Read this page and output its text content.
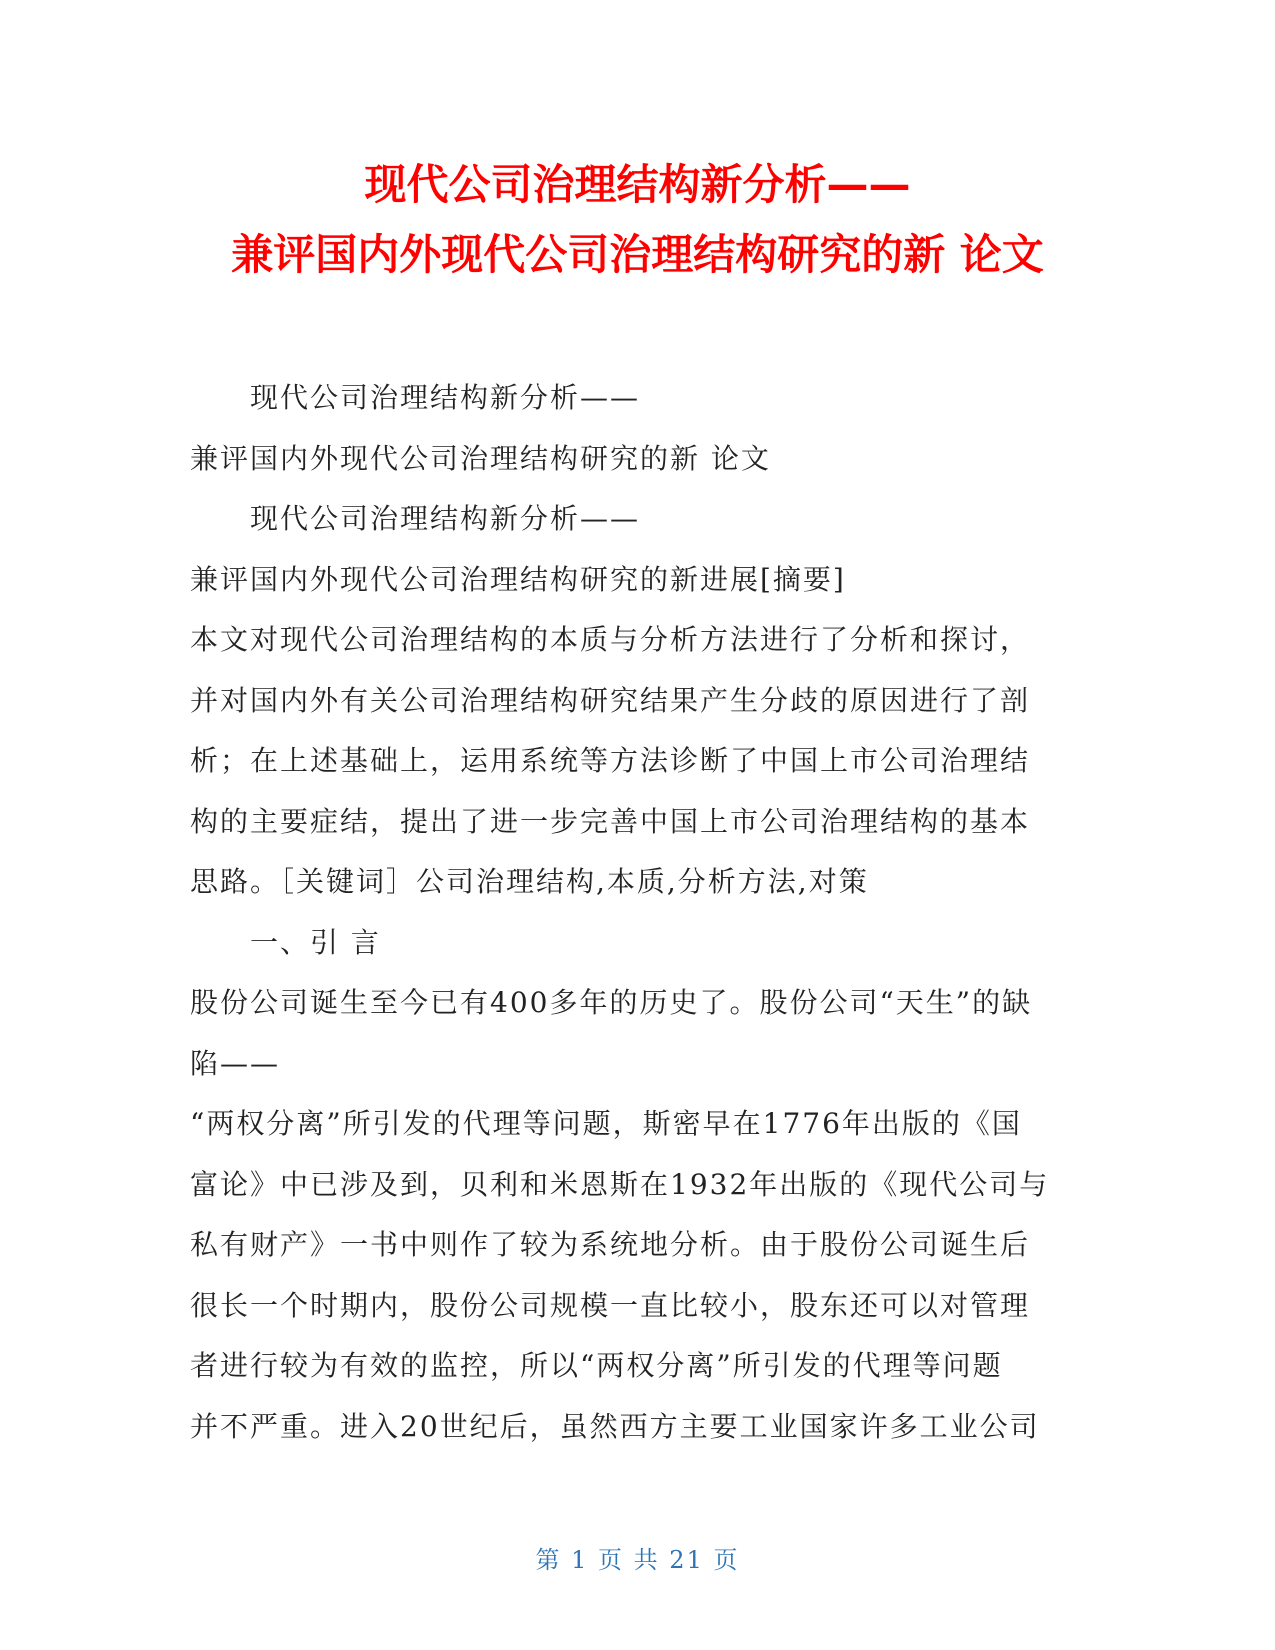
现代公司治理结构新分析——
兼评国内外现代公司治理结构研究的新 论文
现代公司治理结构新分析——
兼评国内外现代公司治理结构研究的新 论文
现代公司治理结构新分析——
兼评国内外现代公司治理结构研究的新进展[摘要]
本文对现代公司治理结构的本质与分析方法进行了分析和探讨，
并对国内外有关公司治理结构研究结果产生分歧的原因进行了剖
析；在上述基础上，运用系统等方法诊断了中国上市公司治理结
构的主要症结，提出了进一步完善中国上市公司治理结构的基本
思路。［关键词］公司治理结构,本质,分析方法,对策
一、引 言
股份公司诞生至今已有400多年的历史了。股份公司“天生”的缺
陷——
“两权分离”所引发的代理等问题，斯密早在1776年出版的《国
富论》中已涉及到，贝利和米恩斯在1932年出版的《现代公司与
私有财产》一书中则作了较为系统地分析。由于股份公司诞生后
很长一个时期内，股份公司规模一直比较小，股东还可以对管理
者进行较为有效的监控，所以“两权分离”所引发的代理等问题
并不严重。进入20世纪后，虽然西方主要工业国家许多工业公司
第 1 页 共 21 页
